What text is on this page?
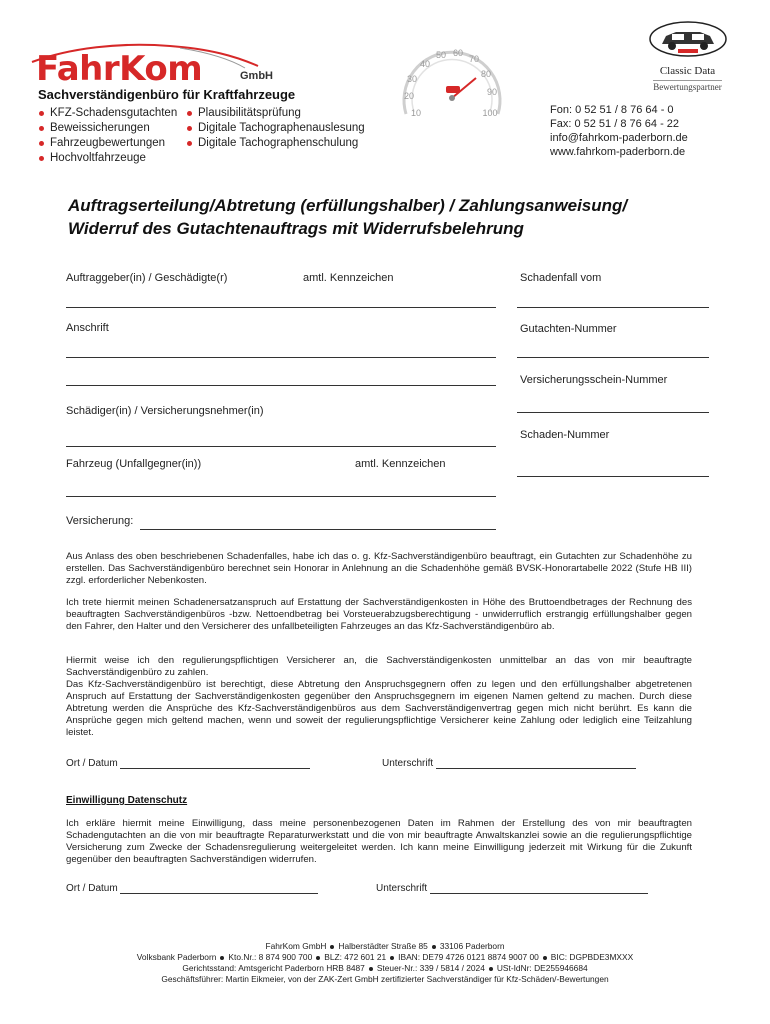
FahrKom	GmbH
Sachverständigenbüro für Kraftfahrzeuge
KFZ-Schadensgutachten
Beweissicherungen
Fahrzeugbewertungen
Hochvoltfahrzeuge
Plausibilitätsprüfung
Digitale Tachographenauslesung
Digitale Tachographenschulung
10
20
30
40
50 60
70
80
90
100
Classic Data
Bewertungspartner
Fon: 0 52 51 / 8 76 64 - 0
Fax: 0 52 51 / 8 76 64 - 22
info@fahrkom-paderborn.de
www.fahrkom-paderborn.de
Auftragserteilung/Abtretung (erfüllungshalber) / Zahlungsanweisung/
Widerruf des Gutachtenauftrags mit Widerrufsbelehrung
Auftraggeber(in) / Geschädigte(r)	amtl. Kennzeichen	Schadenfall vom
Anschrift	Gutachten-Nummer
Versicherungsschein-Nummer
Schädiger(in) / Versicherungsnehmer(in)
Schaden-Nummer
Fahrzeug (Unfallgegner(in))	amtl. Kennzeichen
Versicherung:

Aus Anlass des oben beschriebenen Schadenfalles, habe ich das o. g. Kfz-Sachverständigenbüro beauftragt, ein Gutachten zur Schadenhöhe zu erstellen. Das Sachverständigenbüro berechnet sein Honorar in Anlehnung an die Schadenhöhe gemäß BVSK-Honorartabelle 2022 (Stufe HB III) zzgl. erforderlicher Nebenkosten.

Ich trete hiermit meinen Schadenersatzanspruch auf Erstattung der Sachverständigenkosten in Höhe des Bruttoendbetrages der Rechnung des beauftragten Sachverständigenbüros -bzw. Nettoendbetrag bei Vorsteuerabzugsberechtigung - unwiderruflich erstrangig erfüllungshalber gegen den Fahrer, den Halter und den Versicherer des unfallbeteiligten Fahrzeuges an das Kfz-Sachverständigenbüro ab.

Hiermit weise ich den regulierungspflichtigen Versicherer an, die Sachverständigenkosten unmittelbar an das von mir beauftragte Sachverständigenbüro zu zahlen.

Das Kfz-Sachverständigenbüro ist berechtigt, diese Abtretung den Anspruchsgegnern offen zu legen und den erfüllungshalber abgetretenen Anspruch auf Erstattung der Sachverständigenkosten gegenüber den Anspruchsgegnern im eigenen Namen geltend zu machen. Durch diese Abtretung werden die Ansprüche des Kfz-Sachverständigenbüros aus dem Sachverständigenvertrag gegen mich nicht berührt. Es kann die Ansprüche gegen mich geltend machen, wenn und soweit der regulierungspflichtige Versicherer keine Zahlung oder lediglich eine Teilzahlung leistet.

Ort / Datum	Unterschrift
Einwilligung Datenschutz

Ich erkläre hiermit meine Einwilligung, dass meine personenbezogenen Daten im Rahmen der Erstellung des von mir beauftragten Schadengutachten an die von mir beauftragte Reparaturwerkstatt und die von mir beauftragte Anwaltskanzlei sowie an die regulierungspflichtige Versicherung zum Zwecke der Schadensregulierung weitergeleitet werden. Ich kann meine Einwilligung jederzeit mit Wirkung für die Zukunft gegenüber den beauftragten Sachverständigen widerrufen.

Ort / Datum	Unterschrift
FahrKom GmbH Halberstädter Straße 85 33106 Paderborn
Volksbank Paderborn Kto.Nr.: 8 874 900 700 BLZ: 472 601 21 IBAN: DE79 4726 0121 8874 9007 00 BIC: DGPBDE3MXXX
Gerichtsstand: Amtsgericht Paderborn HRB 8487 Steuer-Nr.: 339 / 5814 / 2024 USt-IdNr: DE255946684
Geschäftsführer: Martin Eikmeier, von der ZAK-Zert GmbH zertifizierter Sachverständiger für Kfz-Schäden/-Bewertungen
